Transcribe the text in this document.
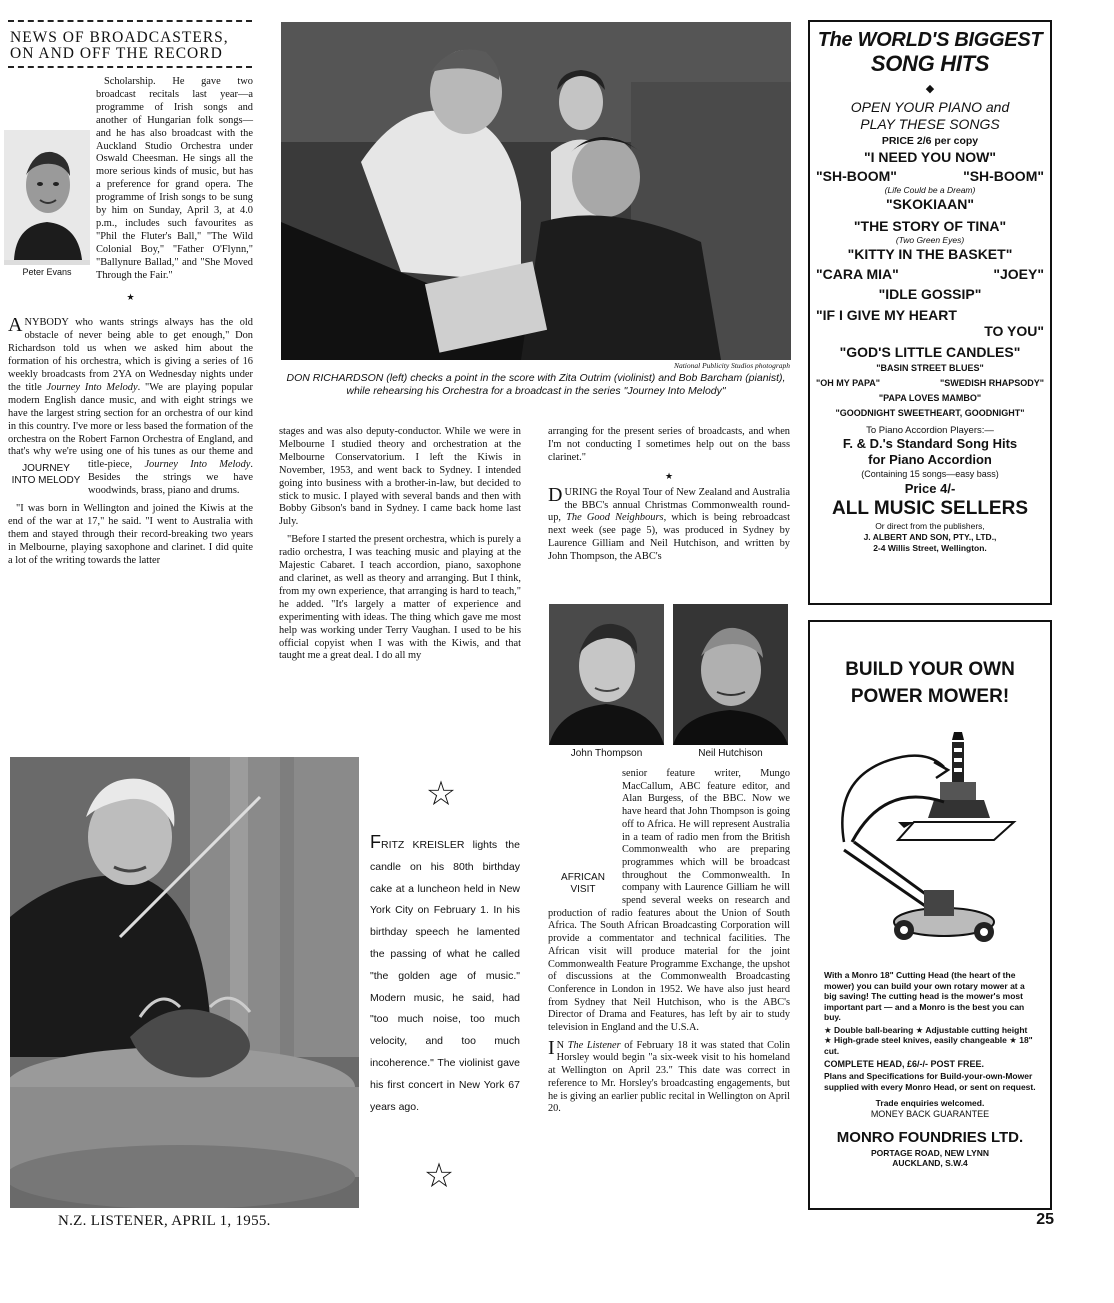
NEWS OF BROADCASTERS,
ON AND OFF THE RECORD
Peter Evans

Scholarship. He gave two broadcast recitals last year—a programme of Irish songs and another of Hungarian folk songs—and he has also broadcast with the Auckland Studio Orchestra under Oswald Cheesman. He sings all the more serious kinds of music, but has a preference for grand opera. The programme of Irish songs to be sung by him on Sunday, April 3, at 4.0 p.m., includes such favourites as "Phil the Fluter's Ball," "The Wild Colonial Boy," "Father O'Flynn," "Ballynure Ballad," and "She Moved Through the Fair."

★

ANYBODY who wants strings always has the old obstacle of never being able to get enough," Don Richardson told us when we asked him about the formation of his orchestra, which is giving a series of 16 weekly broadcasts from 2YA on Wednesday nights under the title Journey Into Melody. "We are playing popular modern English dance music, and with eight strings we have the largest string section for an orchestra of our kind in this country. I've more or less based the formation of the orchestra on the Robert Farnon Orchestra of England, and that's why we're using one of his tunes as our theme and title-piece,
JOURNEY
INTO MELODY
Journey Into Melody. Besides the strings we have woodwinds, brass, piano and drums.

"I was born in Wellington and joined the Kiwis at the end of the war at 17," he said. "I went to Australia with them and stayed through their record-breaking two years in Melbourne, playing saxophone and clarinet. I did quite a lot of the writing towards the latter

National Publicity Studios photograph
DON RICHARDSON (left) checks a point in the score with Zita Outrim (violinist) and Bob Barcham (pianist), while rehearsing his Orchestra for a broadcast in the series "Journey Into Melody"

stages and was also deputy-conductor. While we were in Melbourne I studied theory and orchestration at the Melbourne Conservatorium. I left the Kiwis in November, 1953, and went back to Sydney. I intended going into business with a brother-in-law, but decided to stick to music. I played with several bands and then with Bobby Gibson's band in Sydney. I came back home last July.

"Before I started the present orchestra, which is purely a radio orchestra, I was teaching music and playing at the Majestic Cabaret. I teach accordion, piano, saxophone and clarinet, as well as theory and arranging. But I think, from my own experience, that arranging is hard to teach," he added. "It's largely a matter of experience and experimenting with ideas. The thing which gave me most help was working under Terry Vaughan. I used to be his official copyist when I was with the Kiwis, and that taught me a great deal. I do all my

arranging for the present series of broadcasts, and when I'm not conducting I sometimes help out on the bass clarinet."

★

DURING the Royal Tour of New Zealand and Australia the BBC's annual Christmas Commonwealth round-up, The Good Neighbours, which is being rebroadcast next week (see page 5), was produced in Sydney by Laurence Gilliam and Neil Hutchison, and written by John Thompson, the ABC's

John Thompson	Neil Hutchison

AFRICAN
VISIT
senior feature writer, Mungo MacCallum, ABC feature editor, and Alan Burgess, of the BBC. Now we have heard that John Thompson is going off to Africa. He will represent Australia in a team of radio men from the British Commonwealth who are preparing programmes which will be broadcast throughout the Commonwealth. In company with Laurence Gilliam he will spend several weeks on research and production of radio features about the Union of South Africa. The South African Broadcasting Corporation will provide a commentator and technical facilities. The African visit will produce material for the joint Commonwealth Feature Programme Exchange, the upshot of discussions at the Commonwealth Broadcasting Conference in London in 1952. We have also just heard from Sydney that Neil Hutchison, who is the ABC's Director of Drama and Features, has left by air to study television in England and the U.S.A.

I N The Listener of February 18 it was stated that Colin Horsley would begin "a six-week visit to his homeland at Wellington on April 23." This date was correct in reference to Mr. Horsley's broadcasting engagements, but he is giving an earlier public recital in Wellington on April 20.

☆
FRITZ KREISLER lights the candle on his 80th birthday cake at a luncheon held in New York City on February 1. In his birthday speech he lamented the passing of what he called "the golden age of music." Modern music, he said, had "too much noise, too much velocity, and too much incoherence." The violinist gave his first concert in New York 67 years ago.
☆
The WORLD'S BIGGEST
SONG HITS
◆
OPEN YOUR PIANO and
PLAY THESE SONGS
PRICE 2/6 per copy
"I NEED YOU NOW"
"SH-BOOM"	"SH-BOOM"
(Life Could be a Dream)
"SKOKIAAN"
"THE STORY OF TINA"
(Two Green Eyes)
"KITTY IN THE BASKET"
"CARA MIA"	"JOEY"
"IDLE GOSSIP"
"IF I GIVE MY HEART
TO YOU"
"GOD'S LITTLE CANDLES"
"BASIN STREET BLUES"
"OH MY PAPA"	"SWEDISH RHAPSODY"
"PAPA LOVES MAMBO"
"GOODNIGHT SWEETHEART, GOODNIGHT"
To Piano Accordion Players:—
F. & D.'s Standard Song Hits
for Piano Accordion
(Containing 15 songs—easy bass)
Price 4/-
ALL MUSIC SELLERS
Or direct from the publishers,
J. ALBERT AND SON, PTY., LTD.,
2-4 Willis Street, Wellington.
BUILD YOUR OWN
POWER MOWER!
With a Monro 18" Cutting Head (the heart of the mower) you can build your own rotary mower at a big saving! The cutting head is the mower's most important part — and a Monro is the best you can buy.
★ Double ball-bearing ★ Adjustable cutting height ★ High-grade steel knives, easily changeable ★ 18" cut.
COMPLETE HEAD, £6/-/- POST FREE.
Plans and Specifications for Build-your-own-Mower supplied with every Monro Head, or sent on request.
Trade enquiries welcomed.
MONEY BACK GUARANTEE
MONRO FOUNDRIES LTD.
PORTAGE ROAD, NEW LYNN
AUCKLAND, S.W.4
N.Z. LISTENER, APRIL 1, 1955.	25
